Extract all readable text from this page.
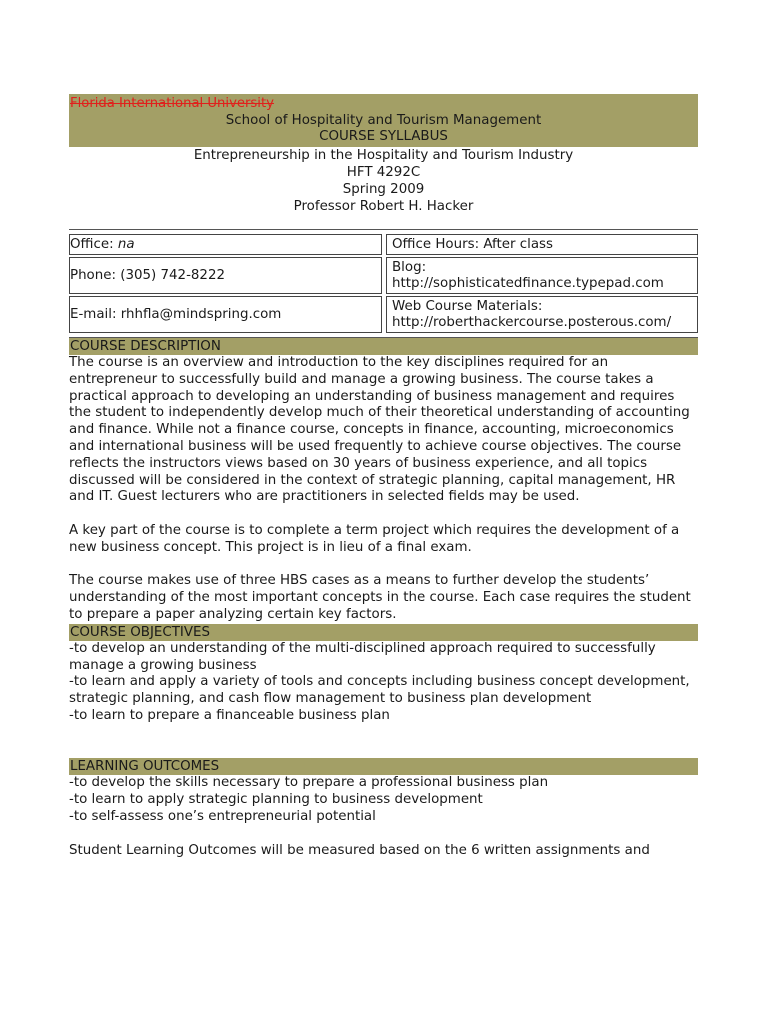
Florida International University
School of Hospitality and Tourism Management
COURSE SYLLABUS
Entrepreneurship in the Hospitality and Tourism Industry
HFT 4292C
Spring 2009
Professor Robert H. Hacker
Office:
na	Office Hours: After class
Phone: (305) 742-8222
Blog:
http://sophisticatedfinance.typepad.com
E-mail: rhhfla@mindspring.com
Web Course Materials:
http://roberthackercourse.posterous.com/
COURSE DESCRIPTION

The course is an overview and introduction to the key disciplines required for an entrepreneur to successfully build and manage a growing business. The course takes a practical approach to developing an understanding of business management and requires the student to independently develop much of their theoretical understanding of accounting and finance. While not a finance course, concepts in finance, accounting, microeconomics and international business will be used frequently to achieve course objectives. The course reflects the instructors views based on 30 years of business experience, and all topics discussed will be considered in the context of strategic planning, capital management, HR and IT. Guest lecturers who are practitioners in selected fields may be used.

A key part of the course is to complete a term project which requires the development of a new business concept. This project is in lieu of a final exam.

The course makes use of three HBS cases as a means to further develop the students’ understanding of the most important concepts in the course. Each case requires the student to prepare a paper analyzing certain key factors.

COURSE OBJECTIVES

-to develop an understanding of the multi-disciplined approach required to successfully manage a growing business

-to learn and apply a variety of tools and concepts including business concept development, strategic planning, and cash flow management to business plan development

-to learn to prepare a financeable business plan

LEARNING OUTCOMES

-to develop the skills necessary to prepare a professional business plan

-to learn to apply strategic planning to business development

-to self-assess one’s entrepreneurial potential

Student Learning Outcomes will be measured based on the 6 written assignments and
